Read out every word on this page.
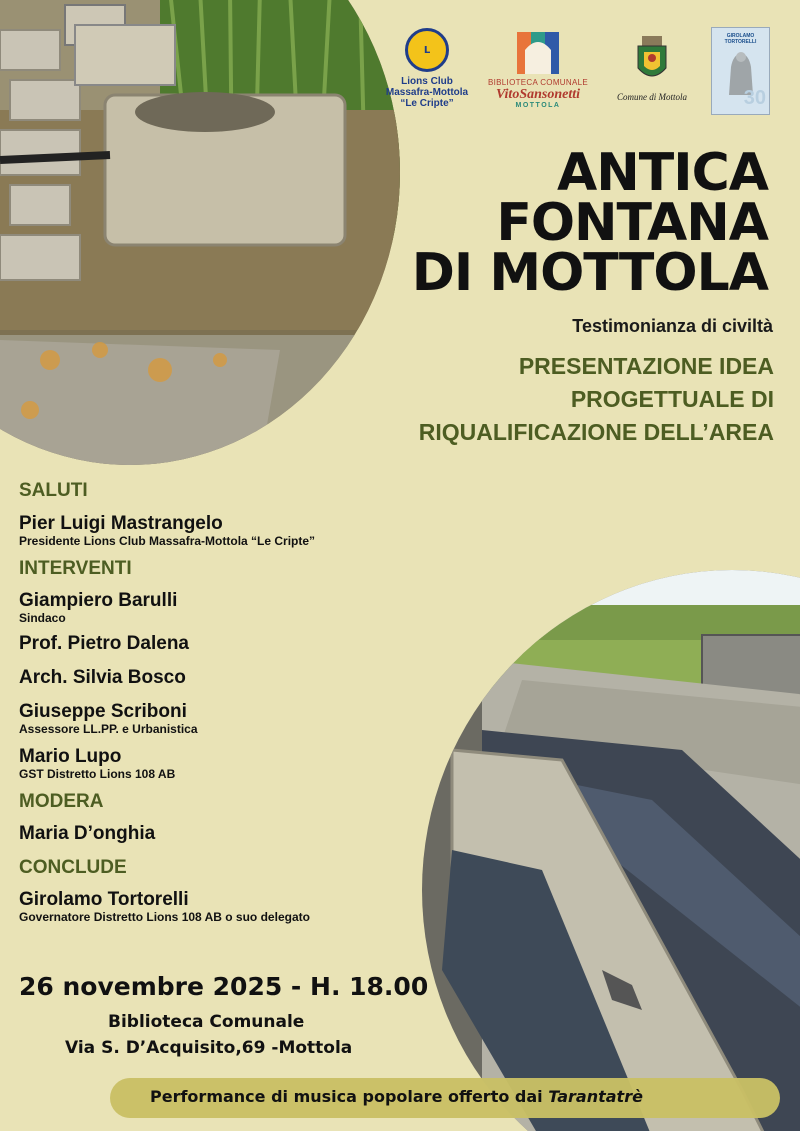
L
Lions Club
Massafra-Mottola
“Le Cripte”
BIBLIOTECA COMUNALE
VitoSansonetti
MOTTOLA
Comune di Mottola
GIROLAMO TORTORELLI
30
ANTICA
FONTANA
DI MOTTOLA
Testimonianza di civiltà
PRESENTAZIONE IDEA
PROGETTUALE DI
RIQUALIFICAZIONE DELL’AREA
SALUTI
Pier Luigi Mastrangelo
Presidente Lions Club Massafra-Mottola “Le Cripte”
INTERVENTI
Giampiero Barulli
Sindaco
Prof. Pietro Dalena
Arch. Silvia Bosco
Giuseppe Scriboni
Assessore LL.PP. e Urbanistica
Mario Lupo
GST Distretto Lions 108 AB
MODERA
Maria D’onghia
CONCLUDE
Girolamo Tortorelli
Governatore Distretto Lions 108 AB o suo delegato
26 novembre 2025 - H. 18.00
Biblioteca Comunale
Via S. D’Acquisito,69 -Mottola
Performance di musica popolare offerto dai Tarantatrè
